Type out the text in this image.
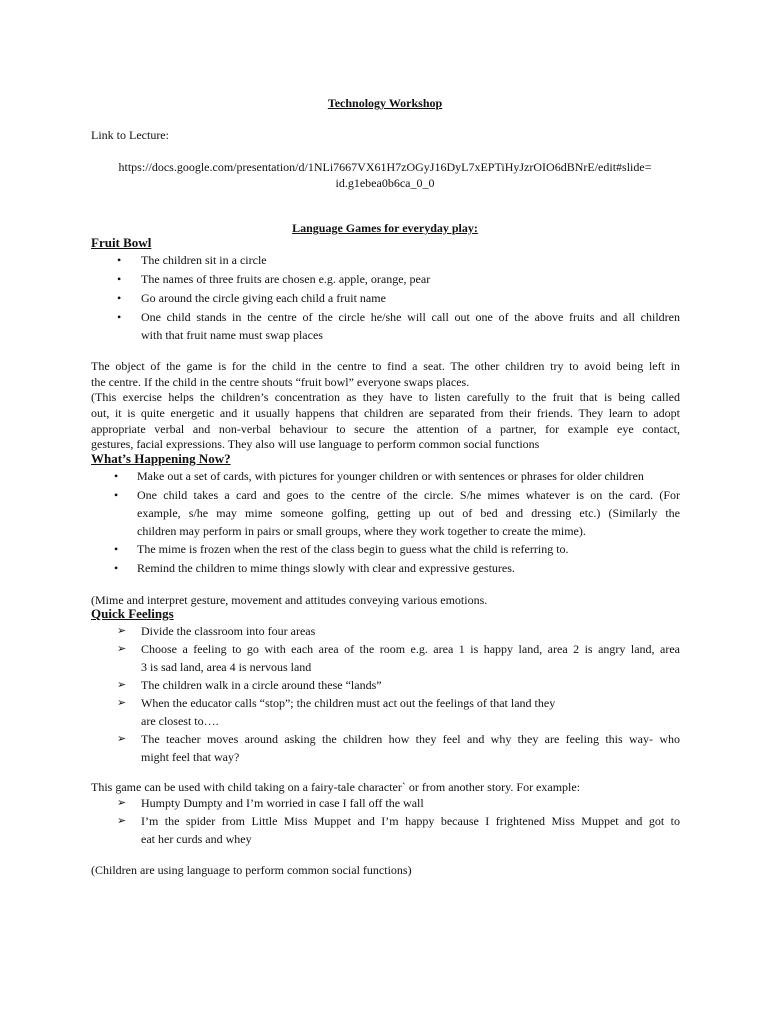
Technology Workshop
Link to Lecture:
https://docs.google.com/presentation/d/1NLi7667VX61H7zOGyJ16DyL7xEPTiHyJzrOIO6dBNrE/edit#slide=
id.g1ebea0b6ca_0_0
Language Games for everyday play:
Fruit Bowl
• The children sit in a circle
• The names of three fruits are chosen e.g. apple, orange, pear
• Go around the circle giving each child a fruit name
• One child stands in the centre of the circle he/she will call out one of the above fruits and all children
with that fruit name must swap places
The object of the game is for the child in the centre to find a seat. The other children try to avoid being left in
the centre. If the child in the centre shouts “fruit bowl” everyone swaps places.
(This exercise helps the children’s concentration as they have to listen carefully to the fruit that is being called
out, it is quite energetic and it usually happens that children are separated from their friends. They learn to adopt
appropriate verbal and non-verbal behaviour to secure the attention of a partner, for example eye contact,
gestures, facial expressions. They also will use language to perform common social functions
What’s Happening Now?
• Make out a set of cards, with pictures for younger children or with sentences or phrases for older children
• One child takes a card and goes to the centre of the circle. S/he mimes whatever is on the card. (For
example, s/he may mime someone golfing, getting up out of bed and dressing etc.) (Similarly the
children may perform in pairs or small groups, where they work together to create the mime).
• The mime is frozen when the rest of the class begin to guess what the child is referring to.
• Remind the children to mime things slowly with clear and expressive gestures.
(Mime and interpret gesture, movement and attitudes conveying various emotions.
Quick Feelings
➢ Divide the classroom into four areas
➢ Choose a feeling to go with each area of the room e.g. area 1 is happy land, area 2 is angry land, area
3 is sad land, area 4 is nervous land
➢ The children walk in a circle around these “lands”
➢ When the educator calls “stop”; the children must act out the feelings of that land they
are closest to….
➢ The teacher moves around asking the children how they feel and why they are feeling this way- who
might feel that way?
This game can be used with child taking on a fairy-tale character` or from another story. For example:
➢ Humpty Dumpty and I’m worried in case I fall off the wall
➢ I’m the spider from Little Miss Muppet and I’m happy because I frightened Miss Muppet and got to
eat her curds and whey
(Children are using language to perform common social functions)
